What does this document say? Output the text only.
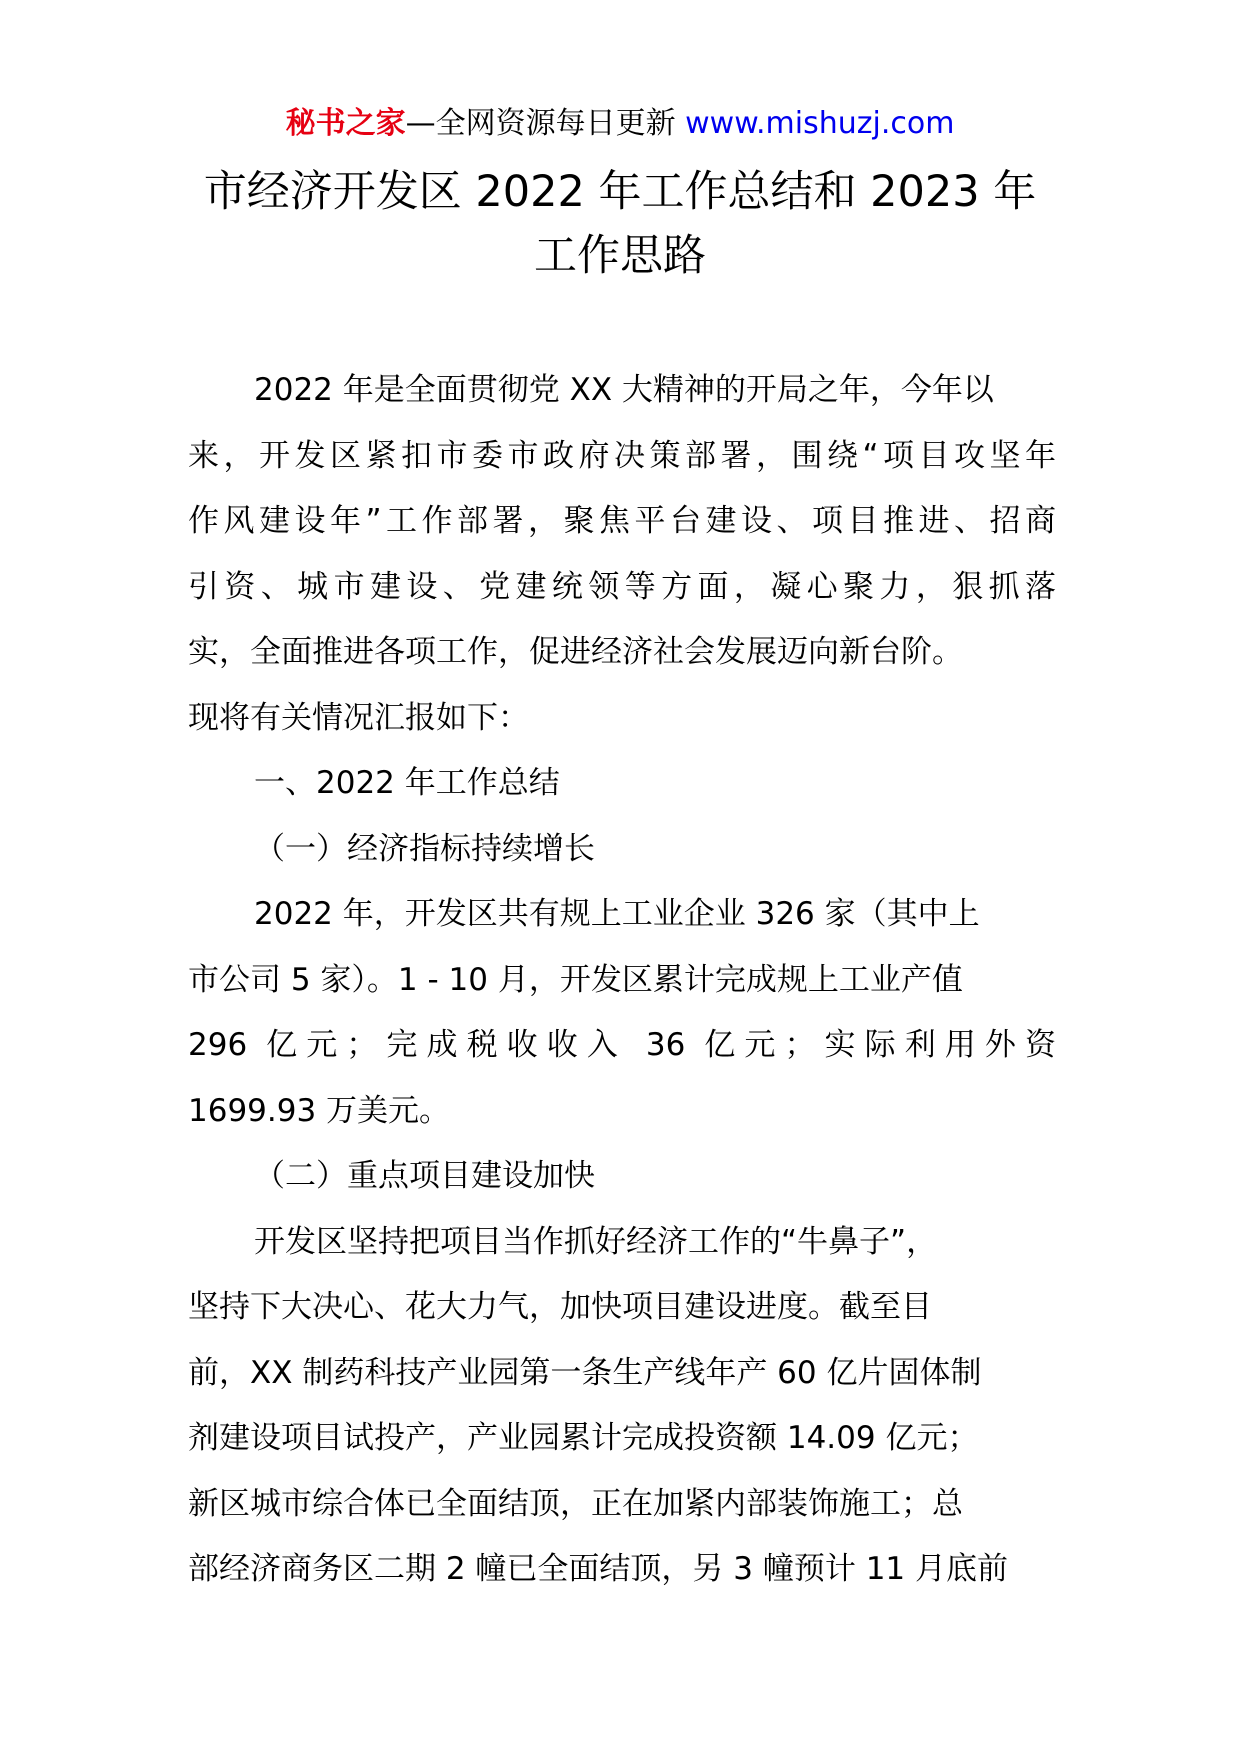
秘书之家—全网资源每日更新 www.mishuzj.com
市经济开发区 2022 年工作总结和 2023 年
工作思路
2022 年是全面贯彻党 XX 大精神的开局之年，今年以
来，开发区紧扣市委市政府决策部署，围绕“项目攻坚年
作风建设年”工作部署，聚焦平台建设、项目推进、招商
引资、城市建设、党建统领等方面，凝心聚力，狠抓落
实，全面推进各项工作，促进经济社会发展迈向新台阶。
现将有关情况汇报如下：
一、2022 年工作总结
（一）经济指标持续增长
2022 年，开发区共有规上工业企业 326 家（其中上
市公司 5 家）。1 - 10 月，开发区累计完成规上工业产值
296 亿元；完成税收收入 36 亿元；实际利用外资
1699.93 万美元。
（二）重点项目建设加快
开发区坚持把项目当作抓好经济工作的“牛鼻子”，
坚持下大决心、花大力气，加快项目建设进度。截至目
前，XX 制药科技产业园第一条生产线年产 60 亿片固体制
剂建设项目试投产，产业园累计完成投资额 14.09 亿元；
新区城市综合体已全面结顶，正在加紧内部装饰施工；总
部经济商务区二期 2 幢已全面结顶，另 3 幢预计 11 月底前
